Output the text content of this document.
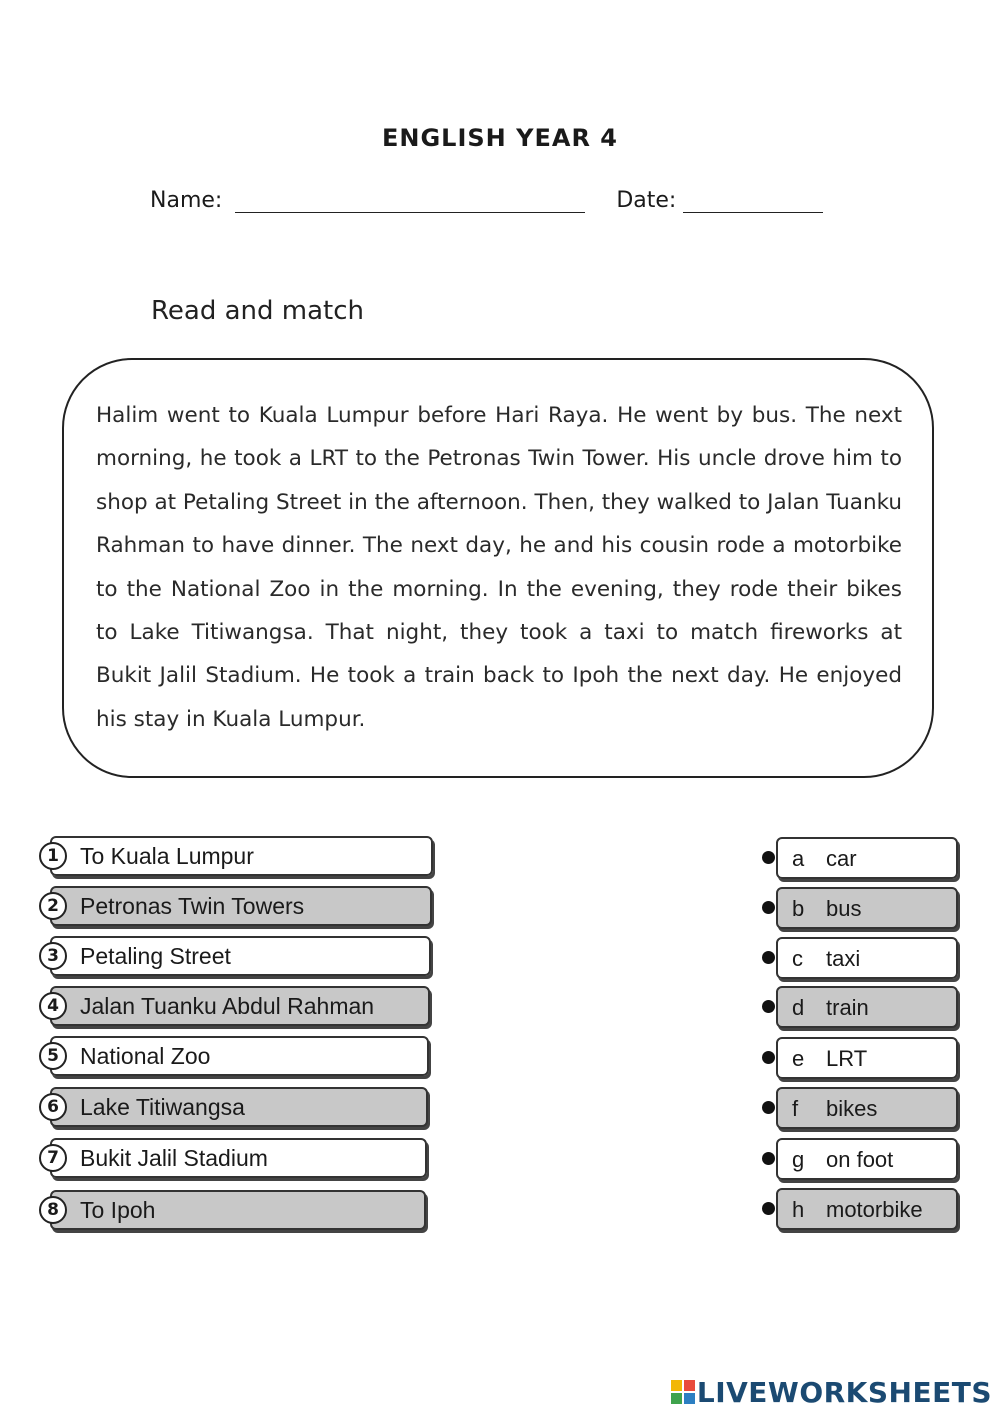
ENGLISH YEAR 4
Name:	Date:
Read and match

Halim went to Kuala Lumpur before Hari Raya. He went by bus. The next morning, he took a LRT to the Petronas Twin Tower. His uncle drove him to shop at Petaling Street in the afternoon. Then, they walked to Jalan Tuanku Rahman to have dinner. The next day, he and his cousin rode a motorbike to the National Zoo in the morning. In the evening, they rode their bikes to Lake Titiwangsa. That night, they took a taxi to match fireworks at Bukit Jalil Stadium. He took a train back to Ipoh the next day. He enjoyed his stay in Kuala Lumpur.

1 To Kuala Lumpur
2 Petronas Twin Towers
3 Petaling Street
4 Jalan Tuanku Abdul Rahman
5 National Zoo
6 Lake Titiwangsa
7 Bukit Jalil Stadium
8 To Ipoh
a car
b bus
c taxi
d train
e LRT
f bikes
g on foot
h motorbike
LIVEWORKSHEETS
